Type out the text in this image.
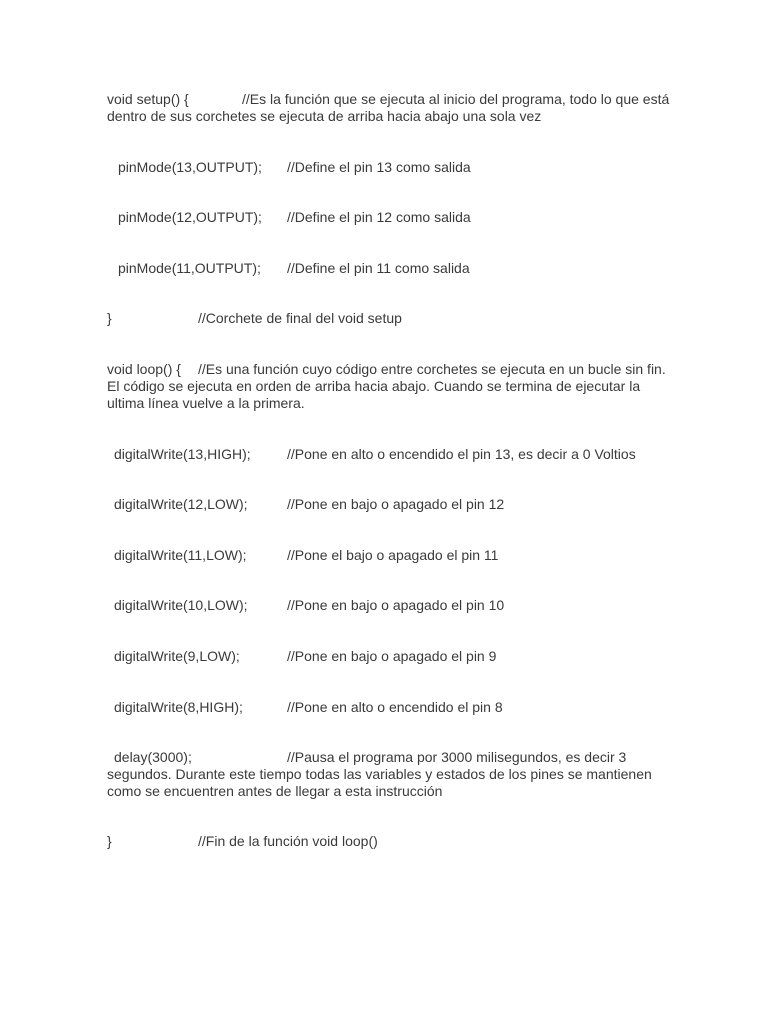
void setup() {	//Es la función que se ejecuta al inicio del programa, todo lo que está
dentro de sus corchetes se ejecuta de arriba hacia abajo una sola vez
pinMode(13,OUTPUT); //Define el pin 13 como salida
pinMode(12,OUTPUT); //Define el pin 12 como salida
pinMode(11,OUTPUT); //Define el pin 11 como salida
}	//Corchete de final del void setup
void loop() { //Es una función cuyo código entre corchetes se ejecuta en un bucle sin fin.
El código se ejecuta en orden de arriba hacia abajo. Cuando se termina de ejecutar la
ultima línea vuelve a la primera.
digitalWrite(13,HIGH);	//Pone en alto o encendido el pin 13, es decir a 0 Voltios
digitalWrite(12,LOW);	//Pone en bajo o apagado el pin 12
digitalWrite(11,LOW);	//Pone el bajo o apagado el pin 11
digitalWrite(10,LOW);	//Pone en bajo o apagado el pin 10
digitalWrite(9,LOW);	//Pone en bajo o apagado el pin 9
digitalWrite(8,HIGH);	//Pone en alto o encendido el pin 8
delay(3000);	//Pausa el programa por 3000 milisegundos, es decir 3
segundos. Durante este tiempo todas las variables y estados de los pines se mantienen
como se encuentren antes de llegar a esta instrucción
}	//Fin de la función void loop()
